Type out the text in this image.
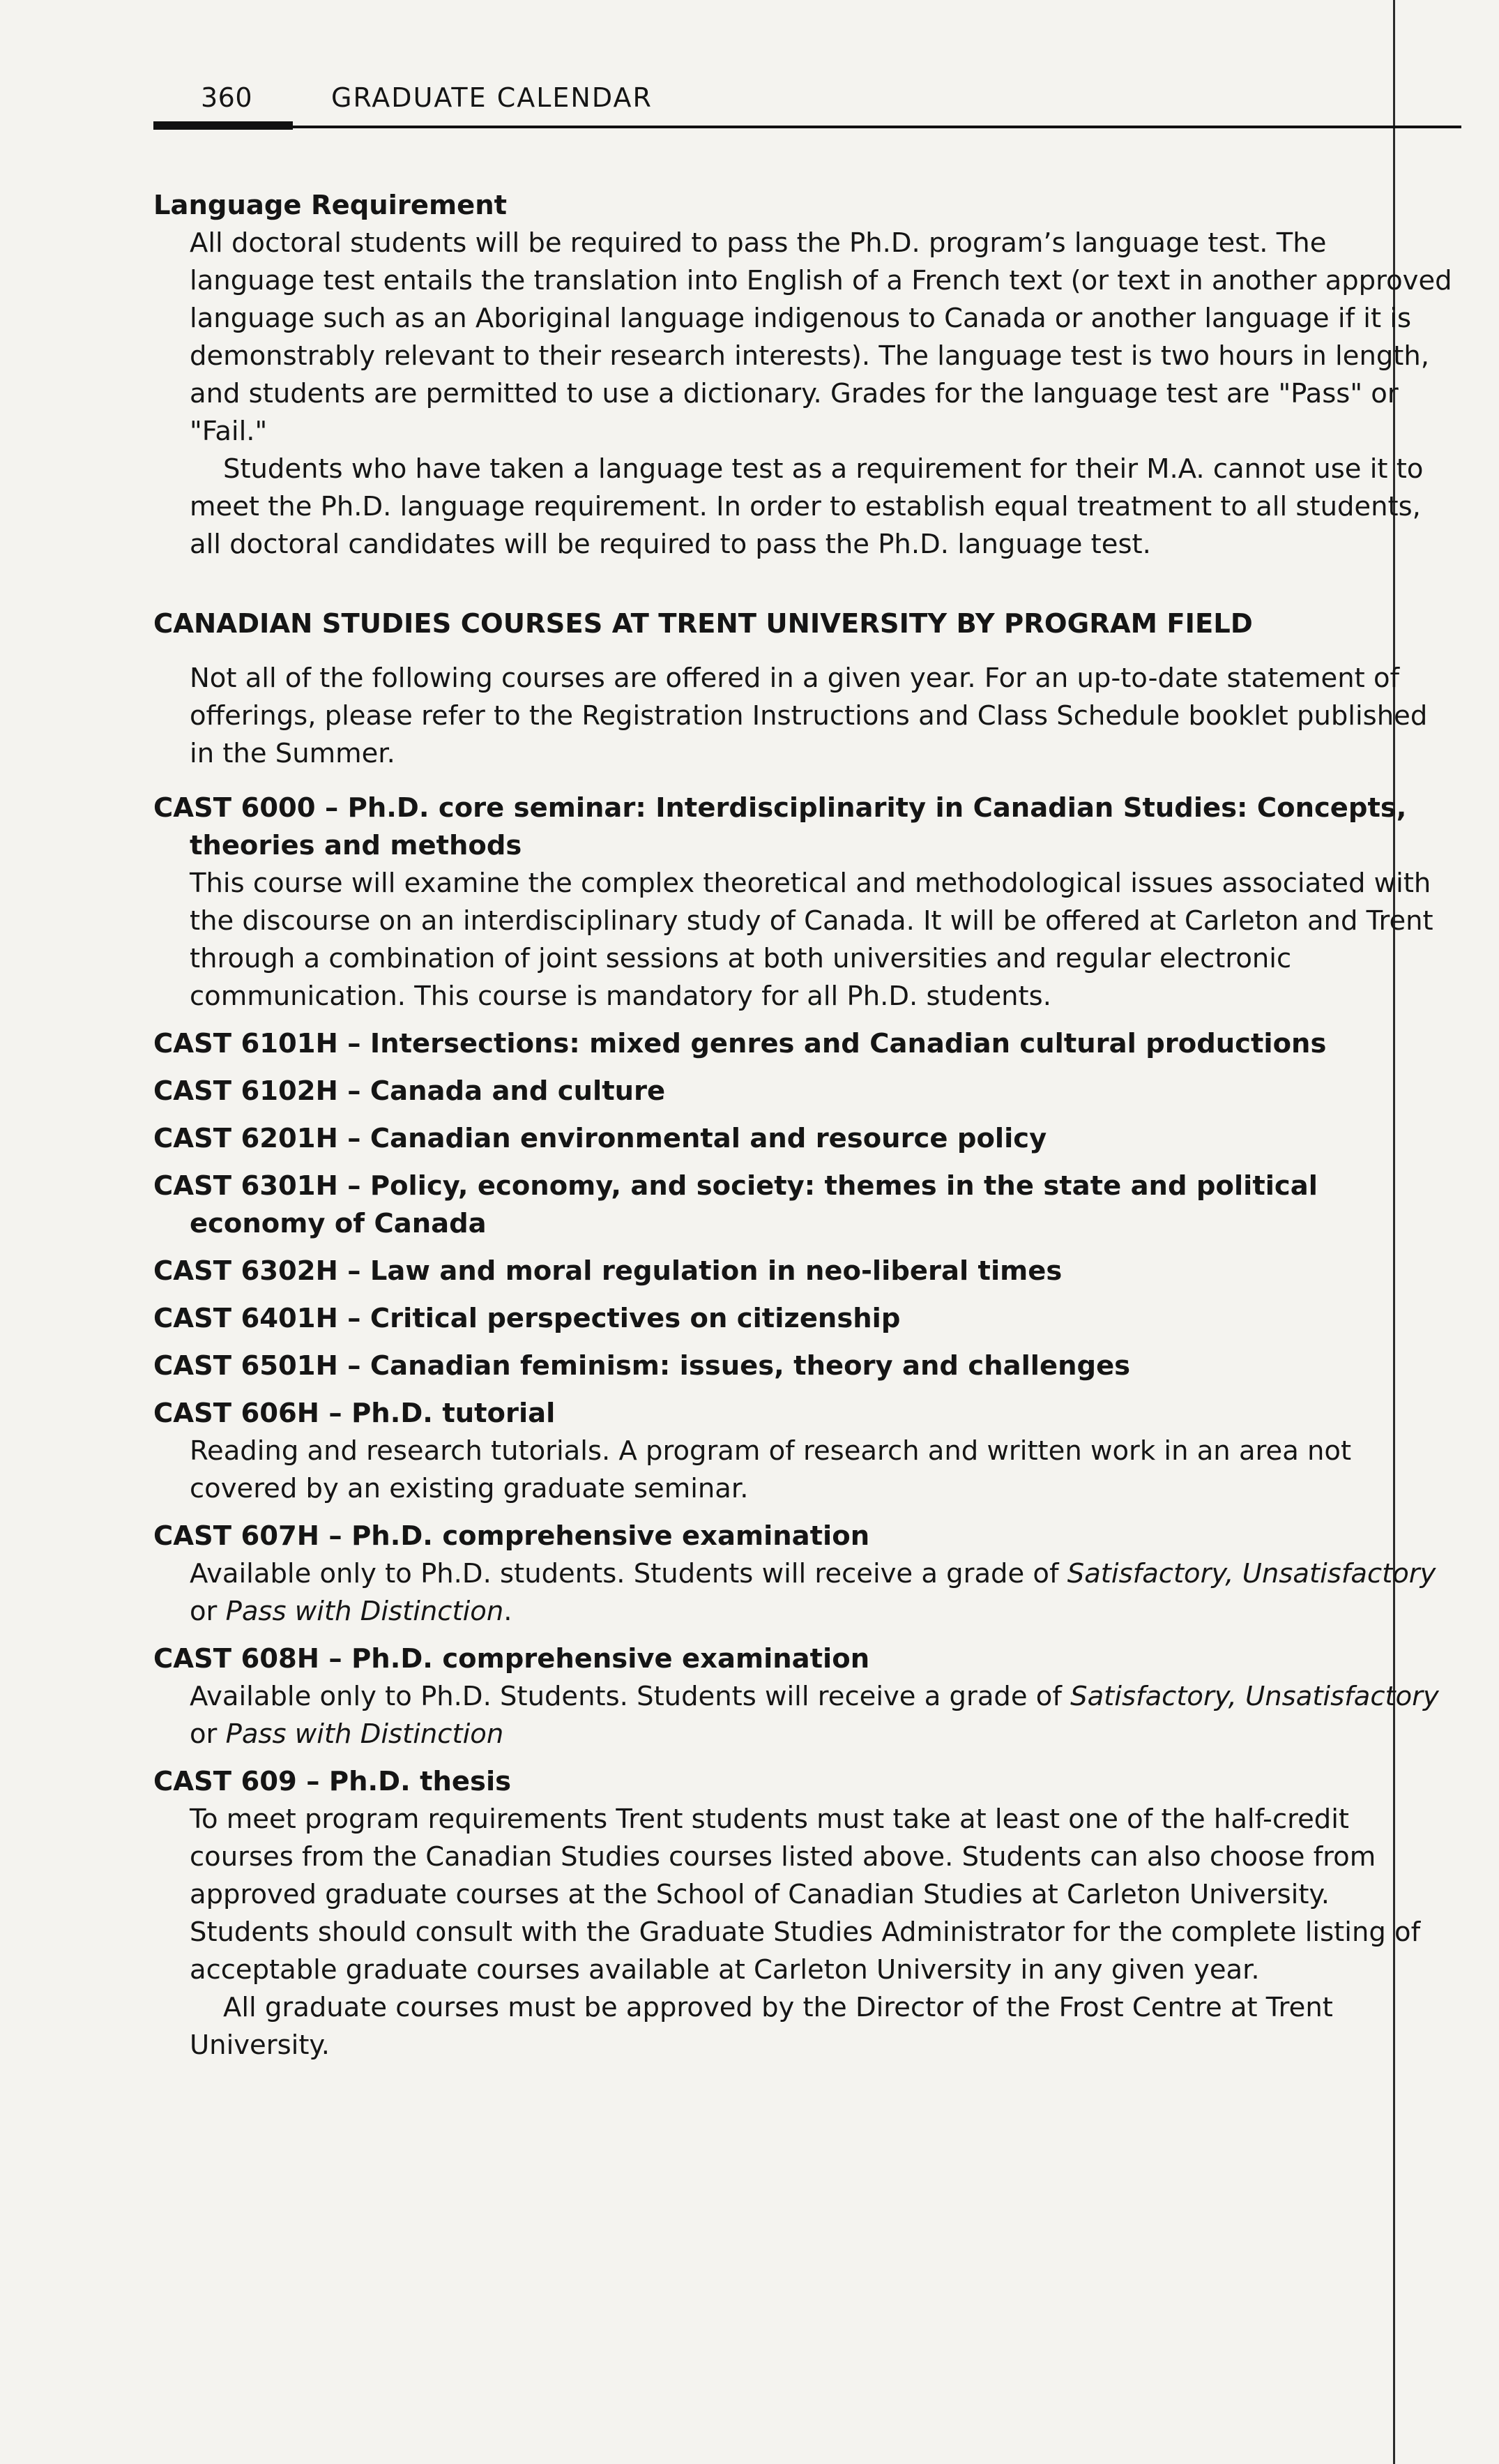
360	GRADUATE CALENDAR

Language Requirement

All doctoral students will be required to pass the Ph.D. program’s language test. The language test entails the translation into English of a French text (or text in another approved language such as an Aboriginal language indigenous to Canada or another language if it is demonstrably relevant to their research interests). The language test is two hours in length, and students are permitted to use a dictionary. Grades for the language test are "Pass" or "Fail."

Students who have taken a language test as a requirement for their M.A. cannot use it to meet the Ph.D. language requirement. In order to establish equal treatment to all students, all doctoral candidates will be required to pass the Ph.D. language test.

CANADIAN STUDIES COURSES AT TRENT UNIVERSITY BY PROGRAM FIELD

Not all of the following courses are offered in a given year. For an up-to-date statement of offerings, please refer to the Registration Instructions and Class Schedule booklet published in the Summer.

CAST 6000 – Ph.D. core seminar: Interdisciplinarity in Canadian Studies: Concepts, theories and methods

This course will examine the complex theoretical and methodological issues associated with the discourse on an interdisciplinary study of Canada. It will be offered at Carleton and Trent through a combination of joint sessions at both universities and regular electronic communication. This course is mandatory for all Ph.D. students.

CAST 6101H – Intersections: mixed genres and Canadian cultural productions

CAST 6102H – Canada and culture

CAST 6201H – Canadian environmental and resource policy

CAST 6301H – Policy, economy, and society: themes in the state and political economy of Canada

CAST 6302H – Law and moral regulation in neo-liberal times

CAST 6401H – Critical perspectives on citizenship

CAST 6501H – Canadian feminism: issues, theory and challenges

CAST 606H – Ph.D. tutorial

Reading and research tutorials. A program of research and written work in an area not covered by an existing graduate seminar.

CAST 607H – Ph.D. comprehensive examination

Available only to Ph.D. students. Students will receive a grade of Satisfactory, Unsatisfactory or Pass with Distinction.

CAST 608H – Ph.D. comprehensive examination

Available only to Ph.D. Students. Students will receive a grade of Satisfactory, Unsatisfactory or Pass with Distinction

CAST 609 – Ph.D. thesis

To meet program requirements Trent students must take at least one of the half-credit courses from the Canadian Studies courses listed above. Students can also choose from approved graduate courses at the School of Canadian Studies at Carleton University. Students should consult with the Graduate Studies Administrator for the complete listing of acceptable graduate courses available at Carleton University in any given year.

All graduate courses must be approved by the Director of the Frost Centre at Trent University.
